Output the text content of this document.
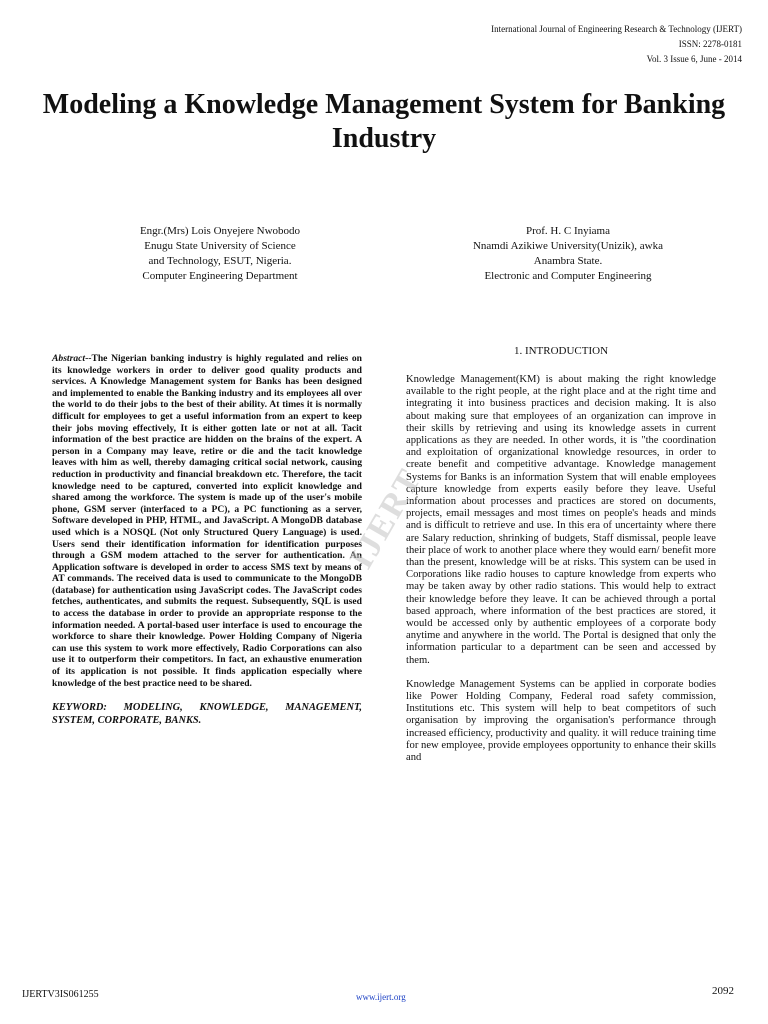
International Journal of Engineering Research & Technology (IJERT)
ISSN: 2278-0181
Vol. 3 Issue 6, June - 2014
Modeling a Knowledge Management System for Banking Industry
Engr.(Mrs) Lois Onyejere Nwobodo
Enugu State University of Science
and Technology, ESUT, Nigeria.
Computer Engineering Department
Prof. H. C Inyiama
Nnamdi Azikiwe University(Unizik), awka
Anambra State.
Electronic and Computer Engineering

Abstract--The Nigerian banking industry is highly regulated and relies on its knowledge workers in order to deliver good quality products and services. A Knowledge Management system for Banks has been designed and implemented to enable the Banking industry and its employees all over the world to do their jobs to the best of their ability. At times it is normally difficult for employees to get a useful information from an expert to keep their jobs moving effectively, It is either gotten late or not at all. Tacit information of the best practice are hidden on the brains of the expert. A person in a Company may leave, retire or die and the tacit knowledge leaves with him as well, thereby damaging critical social network, causing reduction in productivity and financial breakdown etc. Therefore, the tacit knowledge need to be captured, converted into explicit knowledge and shared among the workforce. The system is made up of the user's mobile phone, GSM server (interfaced to a PC), a PC functioning as a server, Software developed in PHP, HTML, and JavaScript. A MongoDB database used which is a NOSQL (Not only Structured Query Language) is used. Users send their identification information for identification purposes through a GSM modem attached to the server for authentication. An Application software is developed in order to access SMS text by means of AT commands. The received data is used to communicate to the MongoDB (database) for authentication using JavaScript codes. The JavaScript codes fetches, authenticates, and submits the request. Subsequently, SQL is used to access the database in order to provide an appropriate response to the information needed. A portal-based user interface is used to encourage the workforce to share their knowledge. Power Holding Company of Nigeria can use this system to work more effectively, Radio Corporations can also use it to outperform their competitors. In fact, an exhaustive enumeration of its application is not possible. It finds application especially where knowledge of the best practice need to be shared.

KEYWORD: MODELING, KNOWLEDGE, MANAGEMENT, SYSTEM, CORPORATE, BANKS.

1. INTRODUCTION

Knowledge Management(KM) is about making the right knowledge available to the right people, at the right place and at the right time and integrating it into business practices and decision making. It is also about making sure that employees of an organization can improve in their skills by retrieving and using its knowledge assets in current applications as they are needed. In other words, it is "the coordination and exploitation of organizational knowledge resources, in order to create benefit and competitive advantage. Knowledge management Systems for Banks is an information System that will enable employees capture knowledge from experts easily before they leave. Useful information about processes and practices are stored on documents, projects, email messages and most times on people's heads and minds and is difficult to retrieve and use. In this era of uncertainty where there are Salary reduction, shrinking of budgets, Staff dismissal, people leave their place of work to another place where they would earn/ benefit more than the present, knowledge will be at risks. This system can be used in Corporations like radio houses to capture knowledge from experts who may be taken away by other radio stations. This would help to extract their knowledge before they leave. It can be achieved through a portal based approach, where information of the best practices are stored, it would be accessed only by authentic employees of a corporate body anytime and anywhere in the world. The Portal is designed that only the information particular to a department can be seen and accessed by them.

Knowledge Management Systems can be applied in corporate bodies like Power Holding Company, Federal road safety commission, Institutions etc. This system will help to beat competitors of such organisation by improving the organisation's performance through increased efficiency, productivity and quality. it will reduce training time for new employee, provide employees opportunity to enhance their skills and

IJERT
IJERTV3IS061255	www.ijert.org	2092
